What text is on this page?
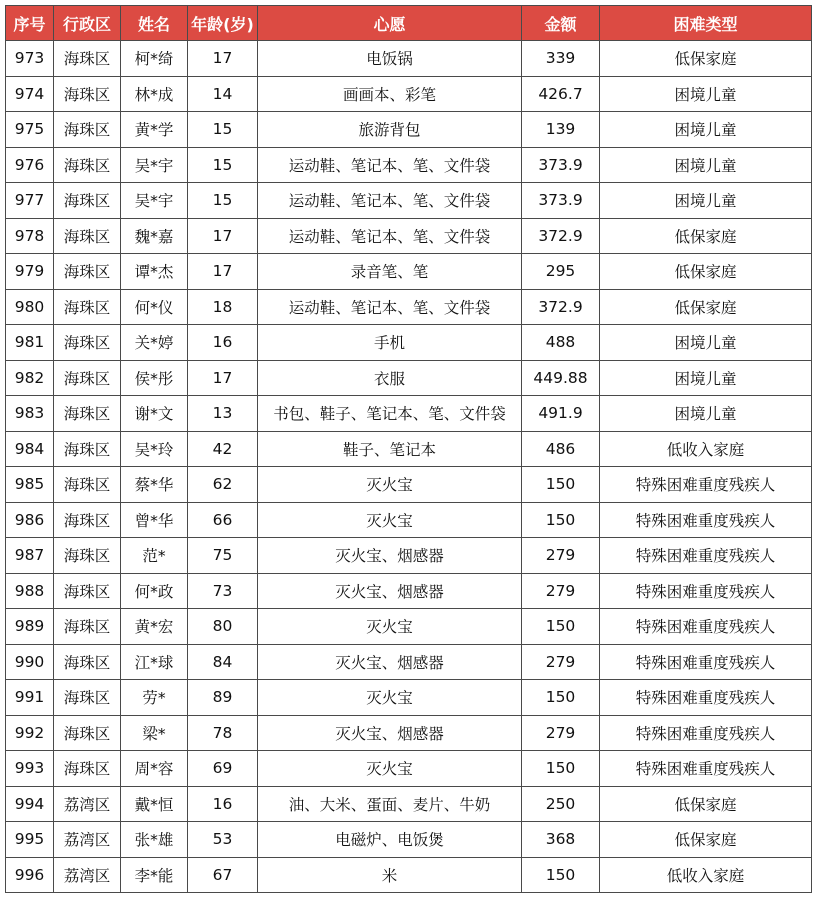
序号	行政区	姓名	年龄(岁)	心愿	金额	困难类型
973	海珠区	柯*绮	17	电饭锅	339	低保家庭
974	海珠区	林*成	14	画画本、彩笔	426.7	困境儿童
975	海珠区	黄*学	15	旅游背包	139	困境儿童
976	海珠区	吴*宇	15	运动鞋、笔记本、笔、文件袋	373.9	困境儿童
977	海珠区	吴*宇	15	运动鞋、笔记本、笔、文件袋	373.9	困境儿童
978	海珠区	魏*嘉	17	运动鞋、笔记本、笔、文件袋	372.9	低保家庭
979	海珠区	谭*杰	17	录音笔、笔	295	低保家庭
980	海珠区	何*仪	18	运动鞋、笔记本、笔、文件袋	372.9	低保家庭
981	海珠区	关*婷	16	手机	488	困境儿童
982	海珠区	侯*彤	17	衣服	449.88	困境儿童
983	海珠区	谢*文	13	书包、鞋子、笔记本、笔、文件袋	491.9	困境儿童
984	海珠区	吴*玲	42	鞋子、笔记本	486	低收入家庭
985	海珠区	蔡*华	62	灭火宝	150	特殊困难重度残疾人
986	海珠区	曾*华	66	灭火宝	150	特殊困难重度残疾人
987	海珠区	范*	75	灭火宝、烟感器	279	特殊困难重度残疾人
988	海珠区	何*政	73	灭火宝、烟感器	279	特殊困难重度残疾人
989	海珠区	黄*宏	80	灭火宝	150	特殊困难重度残疾人
990	海珠区	江*球	84	灭火宝、烟感器	279	特殊困难重度残疾人
991	海珠区	劳*	89	灭火宝	150	特殊困难重度残疾人
992	海珠区	梁*	78	灭火宝、烟感器	279	特殊困难重度残疾人
993	海珠区	周*容	69	灭火宝	150	特殊困难重度残疾人
994	荔湾区	戴*恒	16	油、大米、蛋面、麦片、牛奶	250	低保家庭
995	荔湾区	张*雄	53	电磁炉、电饭煲	368	低保家庭
996	荔湾区	李*能	67	米	150	低收入家庭
